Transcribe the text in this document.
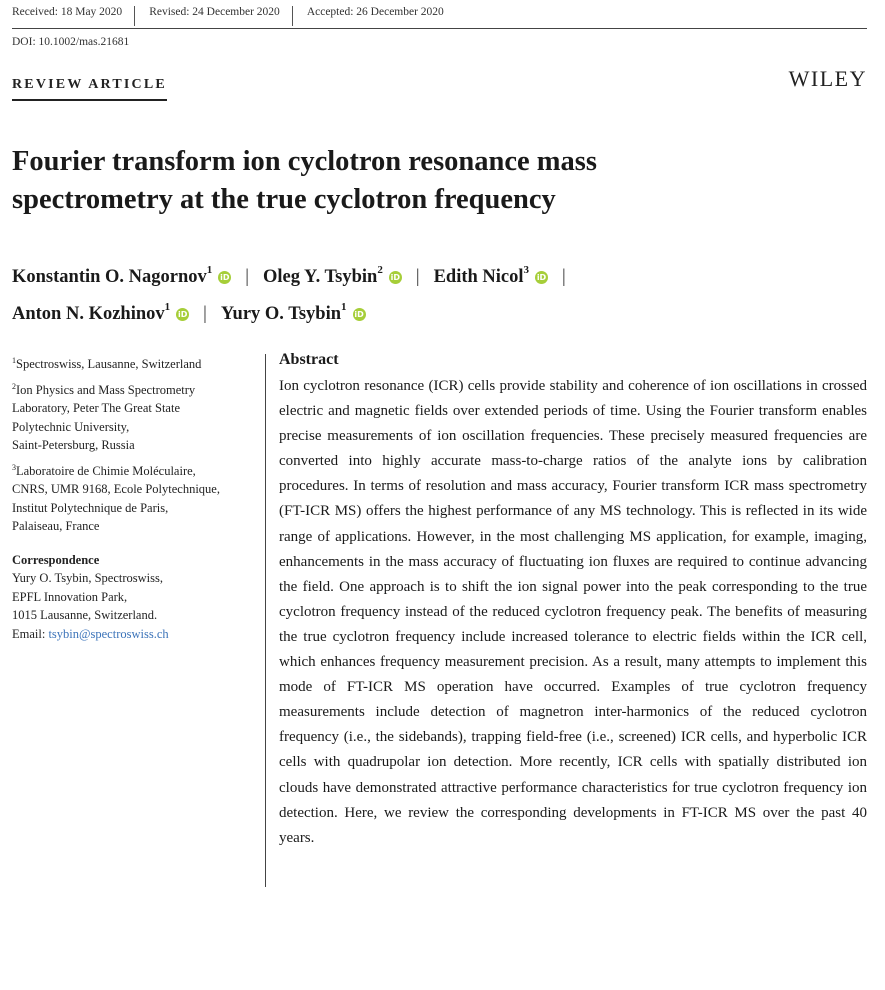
Received: 18 May 2020	Revised: 24 December 2020	Accepted: 26 December 2020
DOI: 10.1002/mas.21681
REVIEW ARTICLE	WILEY
Fourier transform ion cyclotron resonance mass
spectrometry at the true cyclotron frequency
Konstantin O. Nagornov$^1$iD | Oleg Y. Tsybin$^2$iD | Edith Nicol$^3$iD |
Anton N. Kozhinov$^1$iD | Yury O. Tsybin$^1$iD
$^1$Spectroswiss, Lausanne, Switzerland
$^2$Ion Physics and Mass Spectrometry
Laboratory, Peter The Great State
Polytechnic University,
Saint-Petersburg, Russia
$^3$Laboratoire de Chimie Moléculaire,
CNRS, UMR 9168, Ecole Polytechnique,
Institut Polytechnique de Paris,
Palaiseau, France
Correspondence
Yury O. Tsybin, Spectroswiss,
EPFL Innovation Park,
1015 Lausanne, Switzerland.
Email: tsybin@spectroswiss.ch
Abstract

Ion cyclotron resonance (ICR) cells provide stability and coherence of ion oscillations in crossed electric and magnetic fields over extended periods of time. Using the Fourier transform enables precise measurements of ion oscillation frequencies. These precisely measured frequencies are converted into highly accurate mass-to-charge ratios of the analyte ions by calibration procedures. In terms of resolution and mass accuracy, Fourier transform ICR mass spectrometry (FT-ICR MS) offers the highest performance of any MS technology. This is reflected in its wide range of applications. However, in the most challenging MS application, for example, imaging, enhancements in the mass accuracy of fluctuating ion fluxes are required to continue advancing the field. One approach is to shift the ion signal power into the peak corresponding to the true cyclotron frequency instead of the reduced cyclotron frequency peak. The benefits of measuring the true cyclotron frequency include increased tolerance to electric fields within the ICR cell, which enhances frequency measurement precision. As a result, many attempts to implement this mode of FT-ICR MS operation have occurred. Examples of true cyclotron frequency measurements include detection of magnetron inter-harmonics of the reduced cyclotron frequency (i.e., the sidebands), trapping field-free (i.e., screened) ICR cells, and hyperbolic ICR cells with quadrupolar ion detection. More recently, ICR cells with spatially distributed ion clouds have demonstrated attractive performance characteristics for true cyclotron frequency ion detection. Here, we review the corresponding developments in FT-ICR MS over the past 40 years.
